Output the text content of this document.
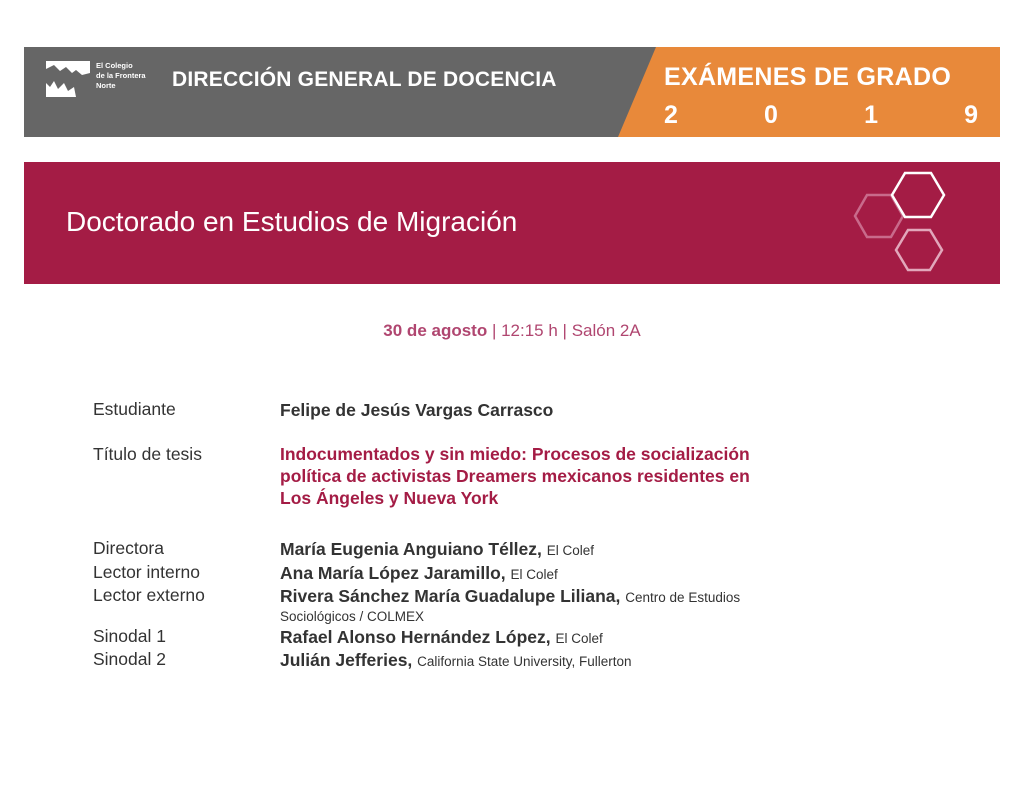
El Colegio
de la Frontera
Norte	DIRECCIÓN GENERAL DE DOCENCIA	EXÁMENES DE GRADO
2	0	1	9
Doctorado en Estudios de Migración
30 de agosto | 12:15 h | Salón 2A
Estudiante	Felipe de Jesús Vargas Carrasco
Título de tesis	Indocumentados y sin miedo: Procesos de socialización
política de activistas Dreamers mexicanos residentes en
Los Ángeles y Nueva York
Directora	María Eugenia Anguiano Téllez, El Colef
Lector interno	Ana María López Jaramillo, El Colef
Lector externo	Rivera Sánchez María Guadalupe Liliana, Centro de Estudios
Sociológicos / COLMEX
Sinodal 1	Rafael Alonso Hernández López, El Colef
Sinodal 2	Julián Jefferies, California State University, Fullerton
